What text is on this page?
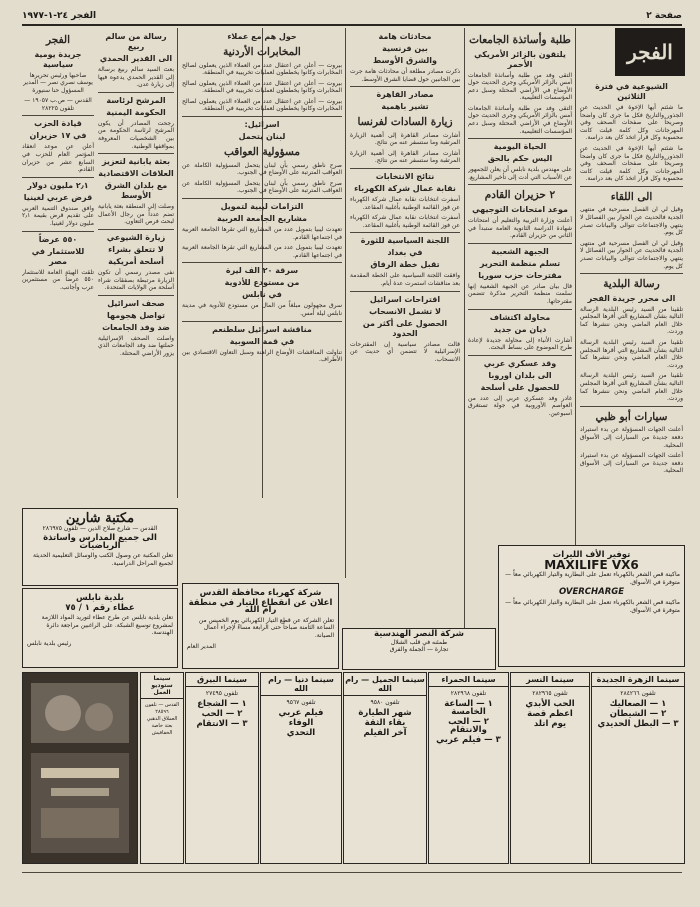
صفحة ٢
الفجر ٢٤-١-١٩٧٧
الفجر
الشيوعية في فترة الثلاثين

ما شئتم أيها الإخوة في الحديث عن الجذور والتاريخ فكل ما جرى كان واضحاً وصريحاً على صفحات الصحف وفي المهرجانات وكل كلمة قيلت كانت محسوبة وكل قرار اتخذ كان بعد دراسة.

ما شئتم أيها الإخوة في الحديث عن الجذور والتاريخ فكل ما جرى كان واضحاً وصريحاً على صفحات الصحف وفي المهرجانات وكل كلمة قيلت كانت محسوبة وكل قرار اتخذ كان بعد دراسة.

الى اللقاء

وقيل لي ان الفصل مسرحية في منتهى الجدية فالحديث عن الحوار بين الفصائل لا ينتهي والاجتماعات تتوالى والبيانات تصدر كل يوم.

وقيل لي ان الفصل مسرحية في منتهى الجدية فالحديث عن الحوار بين الفصائل لا ينتهي والاجتماعات تتوالى والبيانات تصدر كل يوم.

رسالة البلدية
الى محرر جريدة الفجر

تلقينا من السيد رئيس البلدية الرسالة التالية بشأن المشاريع التي أقرها المجلس خلال العام الماضي ونحن ننشرها كما وردت.

تلقينا من السيد رئيس البلدية الرسالة التالية بشأن المشاريع التي أقرها المجلس خلال العام الماضي ونحن ننشرها كما وردت.

تلقينا من السيد رئيس البلدية الرسالة التالية بشأن المشاريع التي أقرها المجلس خلال العام الماضي ونحن ننشرها كما وردت.

سيارات أبو ظبي

أعلنت الجهات المسؤولة عن بدء استيراد دفعة جديدة من السيارات إلى الأسواق المحلية.

أعلنت الجهات المسؤولة عن بدء استيراد دفعة جديدة من السيارات إلى الأسواق المحلية.

توفير الأف الليرات
MAXILIFE VX6

ماكينة قص الشعر بالكهرباء تعمل على البطارية والتيار الكهربائي معاً — متوفرة في الأسواق.

OVERCHARGE

ماكينة قص الشعر بالكهرباء تعمل على البطارية والتيار الكهربائي معاً — متوفرة في الأسواق.

طلبة وأساتذة الجامعات
يلتقون بالزائر الأمريكي الأحمر

التقى وفد من طلبة وأساتذة الجامعات أمس بالزائر الأمريكي وجرى الحديث حول الأوضاع في الأراضي المحتلة وسبل دعم المؤسسات التعليمية.

التقى وفد من طلبة وأساتذة الجامعات أمس بالزائر الأمريكي وجرى الحديث حول الأوضاع في الأراضي المحتلة وسبل دعم المؤسسات التعليمية.

الحياة اليومية
اليس حكم بالحق

على مهندس بلدية نابلس أن يعلن للجمهور عن الأسباب التي أدت إلى تأخير المشاريع.

٢ حزيران القادم
موعد امتحانات التوجيهي

أعلنت وزارة التربية والتعليم أن امتحانات شهادة الدراسة الثانوية العامة ستبدأ في الثاني من حزيران القادم.

الجبهة الشعبية
تسلم منظمة التحرير
مقترحات حزب سوريا

قال بيان صادر عن الجبهة الشعبية إنها سلمت منظمة التحرير مذكرة تتضمن مقترحاتها.

محاولة اكتشاف
ديان من جديد

أشارت الأنباء إلى محاولة جديدة لإعادة طرح الموضوع على بساط البحث.

وقد عسكري عربي
الى بلدان اوروبا
للحصول على أسلحة

غادر وفد عسكري عربي إلى عدد من العواصم الأوروبية في جولة تستغرق أسبوعين.

محادثات هامة
بين فرنسية
والشرق الأوسط

ذكرت مصادر مطلعة أن محادثات هامة جرت بين الجانبين حول قضايا الشرق الأوسط.

مصادر القاهرة
تشير باهمية
زيارة السادات لفرنسا

أشارت مصادر القاهرة إلى أهمية الزيارة المرتقبة وما ستسفر عنه من نتائج.

أشارت مصادر القاهرة إلى أهمية الزيارة المرتقبة وما ستسفر عنه من نتائج.

نتائج الانتخابات
نقابة عمال شركة الكهرباء

أسفرت انتخابات نقابة عمال شركة الكهرباء عن فوز القائمة الوطنية بأغلبية المقاعد.

أسفرت انتخابات نقابة عمال شركة الكهرباء عن فوز القائمة الوطنية بأغلبية المقاعد.

اللجنة السياسية للثورة
في بغداد
تقبل خطة الرفاق

وافقت اللجنة السياسية على الخطة المقدمة بعد مناقشات استمرت عدة أيام.

اقتراحات اسرائيل
لا تشمل الانسحاب
الحصول على أكثر من الحدود

قالت مصادر سياسية إن المقترحات الإسرائيلية لا تتضمن أي حديث عن الانسحاب.

حول هم مع عملاء
المخابرات الأردنية

بيروت — أعلن عن اعتقال عدد من العملاء الذين يعملون لصالح المخابرات وكانوا يخططون لعمليات تخريبية في المنطقة.

بيروت — أعلن عن اعتقال عدد من العملاء الذين يعملون لصالح المخابرات وكانوا يخططون لعمليات تخريبية في المنطقة.

بيروت — أعلن عن اعتقال عدد من العملاء الذين يعملون لصالح المخابرات وكانوا يخططون لعمليات تخريبية في المنطقة.

اسرائيل:
لبنان يتحمل
مسؤولية العواقب

صرح ناطق رسمي بأن لبنان يتحمل المسؤولية الكاملة عن العواقب المترتبة على الأوضاع في الجنوب.

صرح ناطق رسمي بأن لبنان يتحمل المسؤولية الكاملة عن العواقب المترتبة على الأوضاع في الجنوب.

التزامات ليبية لتمويل
مشاريع الجامعة العربية

تعهدت ليبيا بتمويل عدد من المشاريع التي تقرها الجامعة العربية في اجتماعها القادم.

تعهدت ليبيا بتمويل عدد من المشاريع التي تقرها الجامعة العربية في اجتماعها القادم.

سرقة ٢٠ الف ليرة
من مستودع للأدوية
في نابلس

سرق مجهولون مبلغاً من المال من مستودع للأدوية في مدينة نابلس ليلة أمس.

مناقشة اسرائيل سلطنعم
في قمة السوبية

تناولت المناقشات الأوضاع الراهنة وسبل التعاون الاقتصادي بين الأطراف.

رسالة من سالم ربيع
الى القدير الحمدي

بعث السيد سالم ربيع برسالة إلى القدير الحمدي يدعوه فيها إلى زيارة عدن.

المرشح لرئاسة
الحكومة اليمنية

رجحت المصادر أن يكون المرشح لرئاسة الحكومة من بين الشخصيات المعروفة بمواقفها الوطنية.

بعثة يابانية لتعزيز
العلاقات الاقتصادية
مع بلدان الشرق الأوسط

وصلت إلى المنطقة بعثة يابانية تضم عدداً من رجال الأعمال لبحث فرص التعاون.

زيارة الشيوعي
لا تتعلق بشراء
أسلحة أمريكية

نفى مصدر رسمي أن تكون الزيارة مرتبطة بصفقات شراء أسلحة من الولايات المتحدة.

صحف اسرائيل
تواصل هجومها
ضد وفد الجامعات

واصلت الصحف الإسرائيلية حملتها ضد وفد الجامعات الذي يزور الأراضي المحتلة.

الفجر
جريدة يومية سياسية

صاحبها ورئيس تحريرها يوسف نصري نصر — المدير المسؤول حنا سنيورة

القدس — ص.ب ١٩٠٥٧ — تلفون ٢٨٢٢٥

قيادة الحزب
في ١٧ حزيران

أعلن عن موعد انعقاد المؤتمر العام للحزب في السابع عشر من حزيران القادم.

٢٫١ مليون دولار
قرض عربي لغينيا

وافق صندوق التنمية العربي على تقديم قرض بقيمة ٢٫١ مليون دولار لغينيا.

٥٥٠ عرضاً
للاستثمار في مصر

تلقت الهيئة العامة للاستثمار ٥٥٠ عرضاً من مستثمرين عرب وأجانب.

مكتبة شارين

القدس — شارع صلاح الدين — تلفون ٢٨٦٩٧٥

الى جميع المدارس واساتذة الرياضيات

تعلن المكتبة عن وصول الكتب والوسائل التعليمية الحديثة لجميع المراحل الدراسية.

بلدية نابلس
عطاء رقم ١ / ٧٥

تعلن بلدية نابلس عن طرح عطاء لتوريد المواد اللازمة لمشروع توسيع الشبكة. على الراغبين مراجعة دائرة الهندسة.

رئيس بلدية نابلس

شركة كهرباء محافظة القدس
اعلان عن انقطاع التيار في منطقة رام الله

تعلن الشركة عن قطع التيار الكهربائي يوم الخميس من الساعة الثامنة صباحاً حتى الرابعة مساءً لإجراء أعمال الصيانة.

المدير العام

شركة النصر الهندسية
طمئنه في قلب الشلال
تجارة — الجملة والفرق
سينما الزهرة الجديدة
تلفون ٢٨٤٢٦٦
١ — الصعاليك
٢ — الشيطان
٣ — البطل الحديدي
سينما النسر
تلفون ٢٨٢٩٦٥
الحب الأبدي
اعظم قصة
يوم اتلد
سينما الحمراء
تلفون ٢٨٢٩٦٨
١ — الساعة الخامسة
٢ — الحب والانتقام
٣ — فيلم عربي
سينما الجميل — رام الله
تلفون ٩٥٨٠
شهر الطيارة
بقاء الثقة
آخر الفيلم
سينما دنيا — رام الله
تلفون ٩٥٦٧
فيلم عربي
الوفاء
التحدي
سينما البيرق
تلفون ٢٧٤٩٥
١ — الشجاع
٢ — الحب
٣ — الانتقام
سينما ستوديو العمل
القدس — تلفون ٢٨٥٩٦
العملاق الذهبي
بعثة خاصة
الخفافيش
